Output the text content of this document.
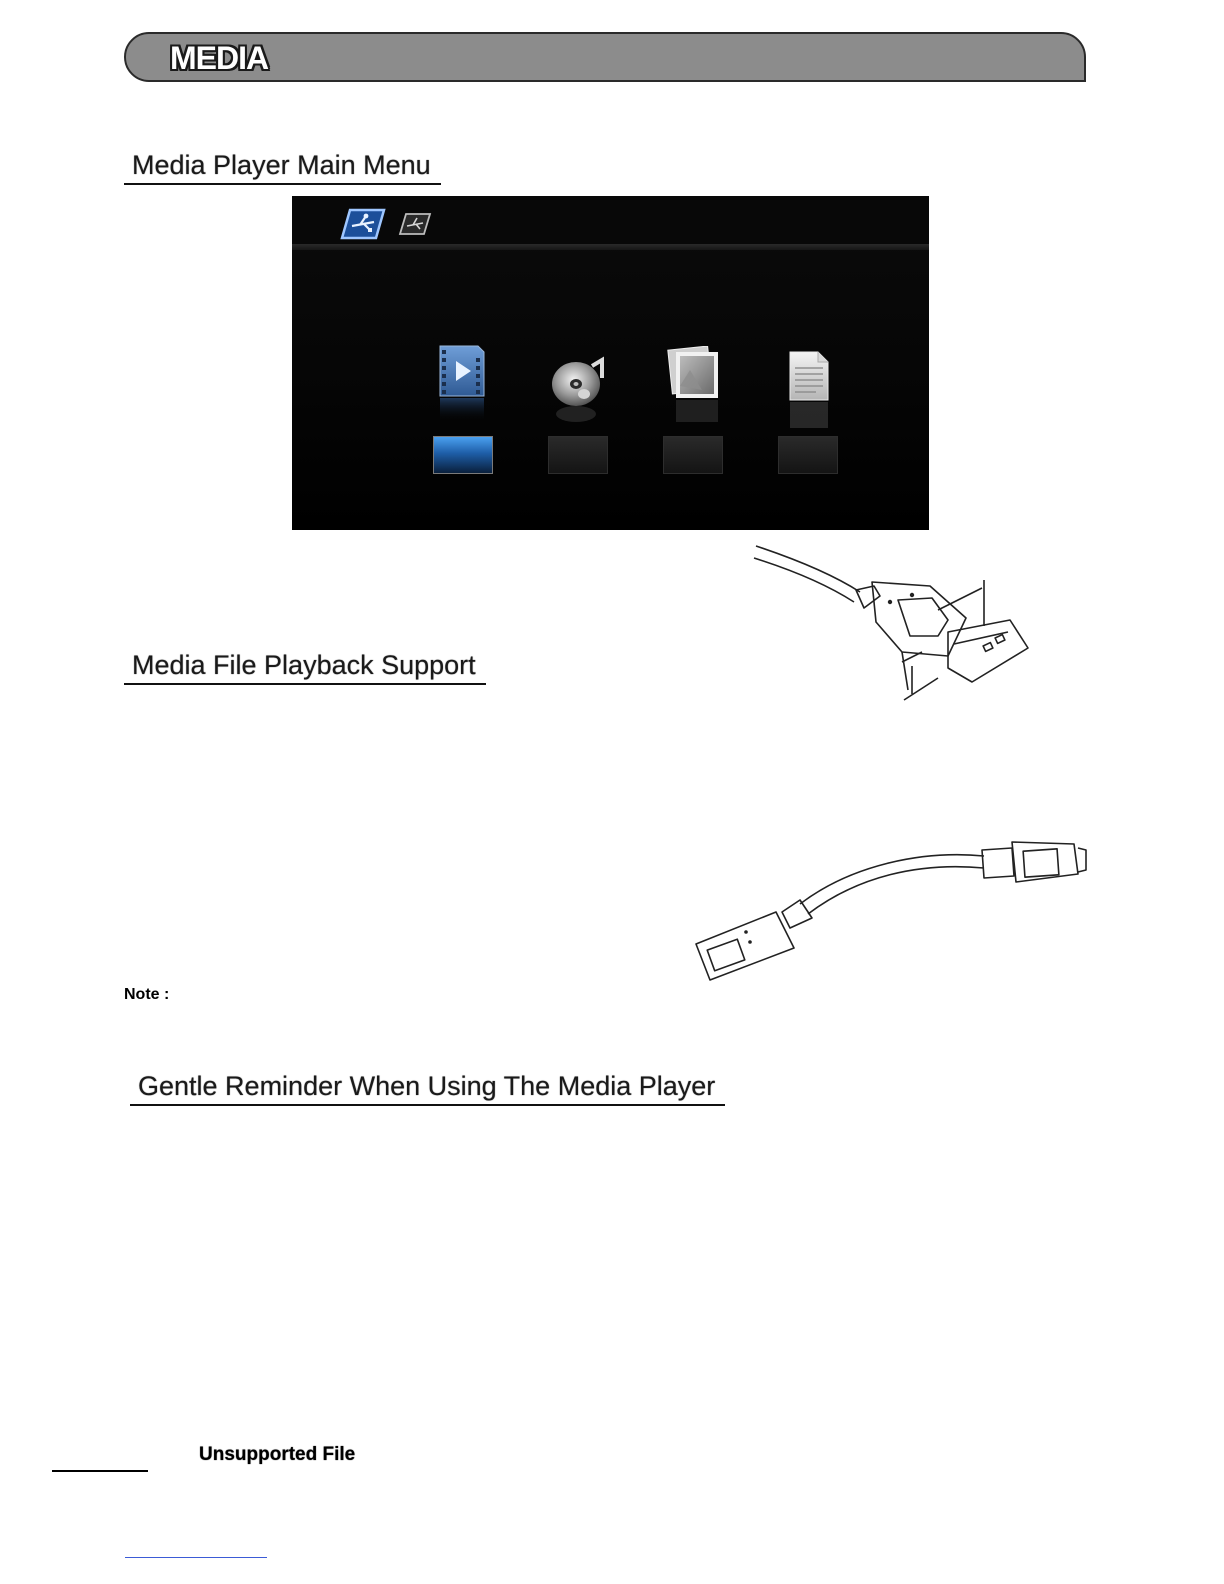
MEDIA
Media Player Main Menu
Media File Playback Support
Note :
Gentle Reminder When Using The Media Player
Unsupported File
